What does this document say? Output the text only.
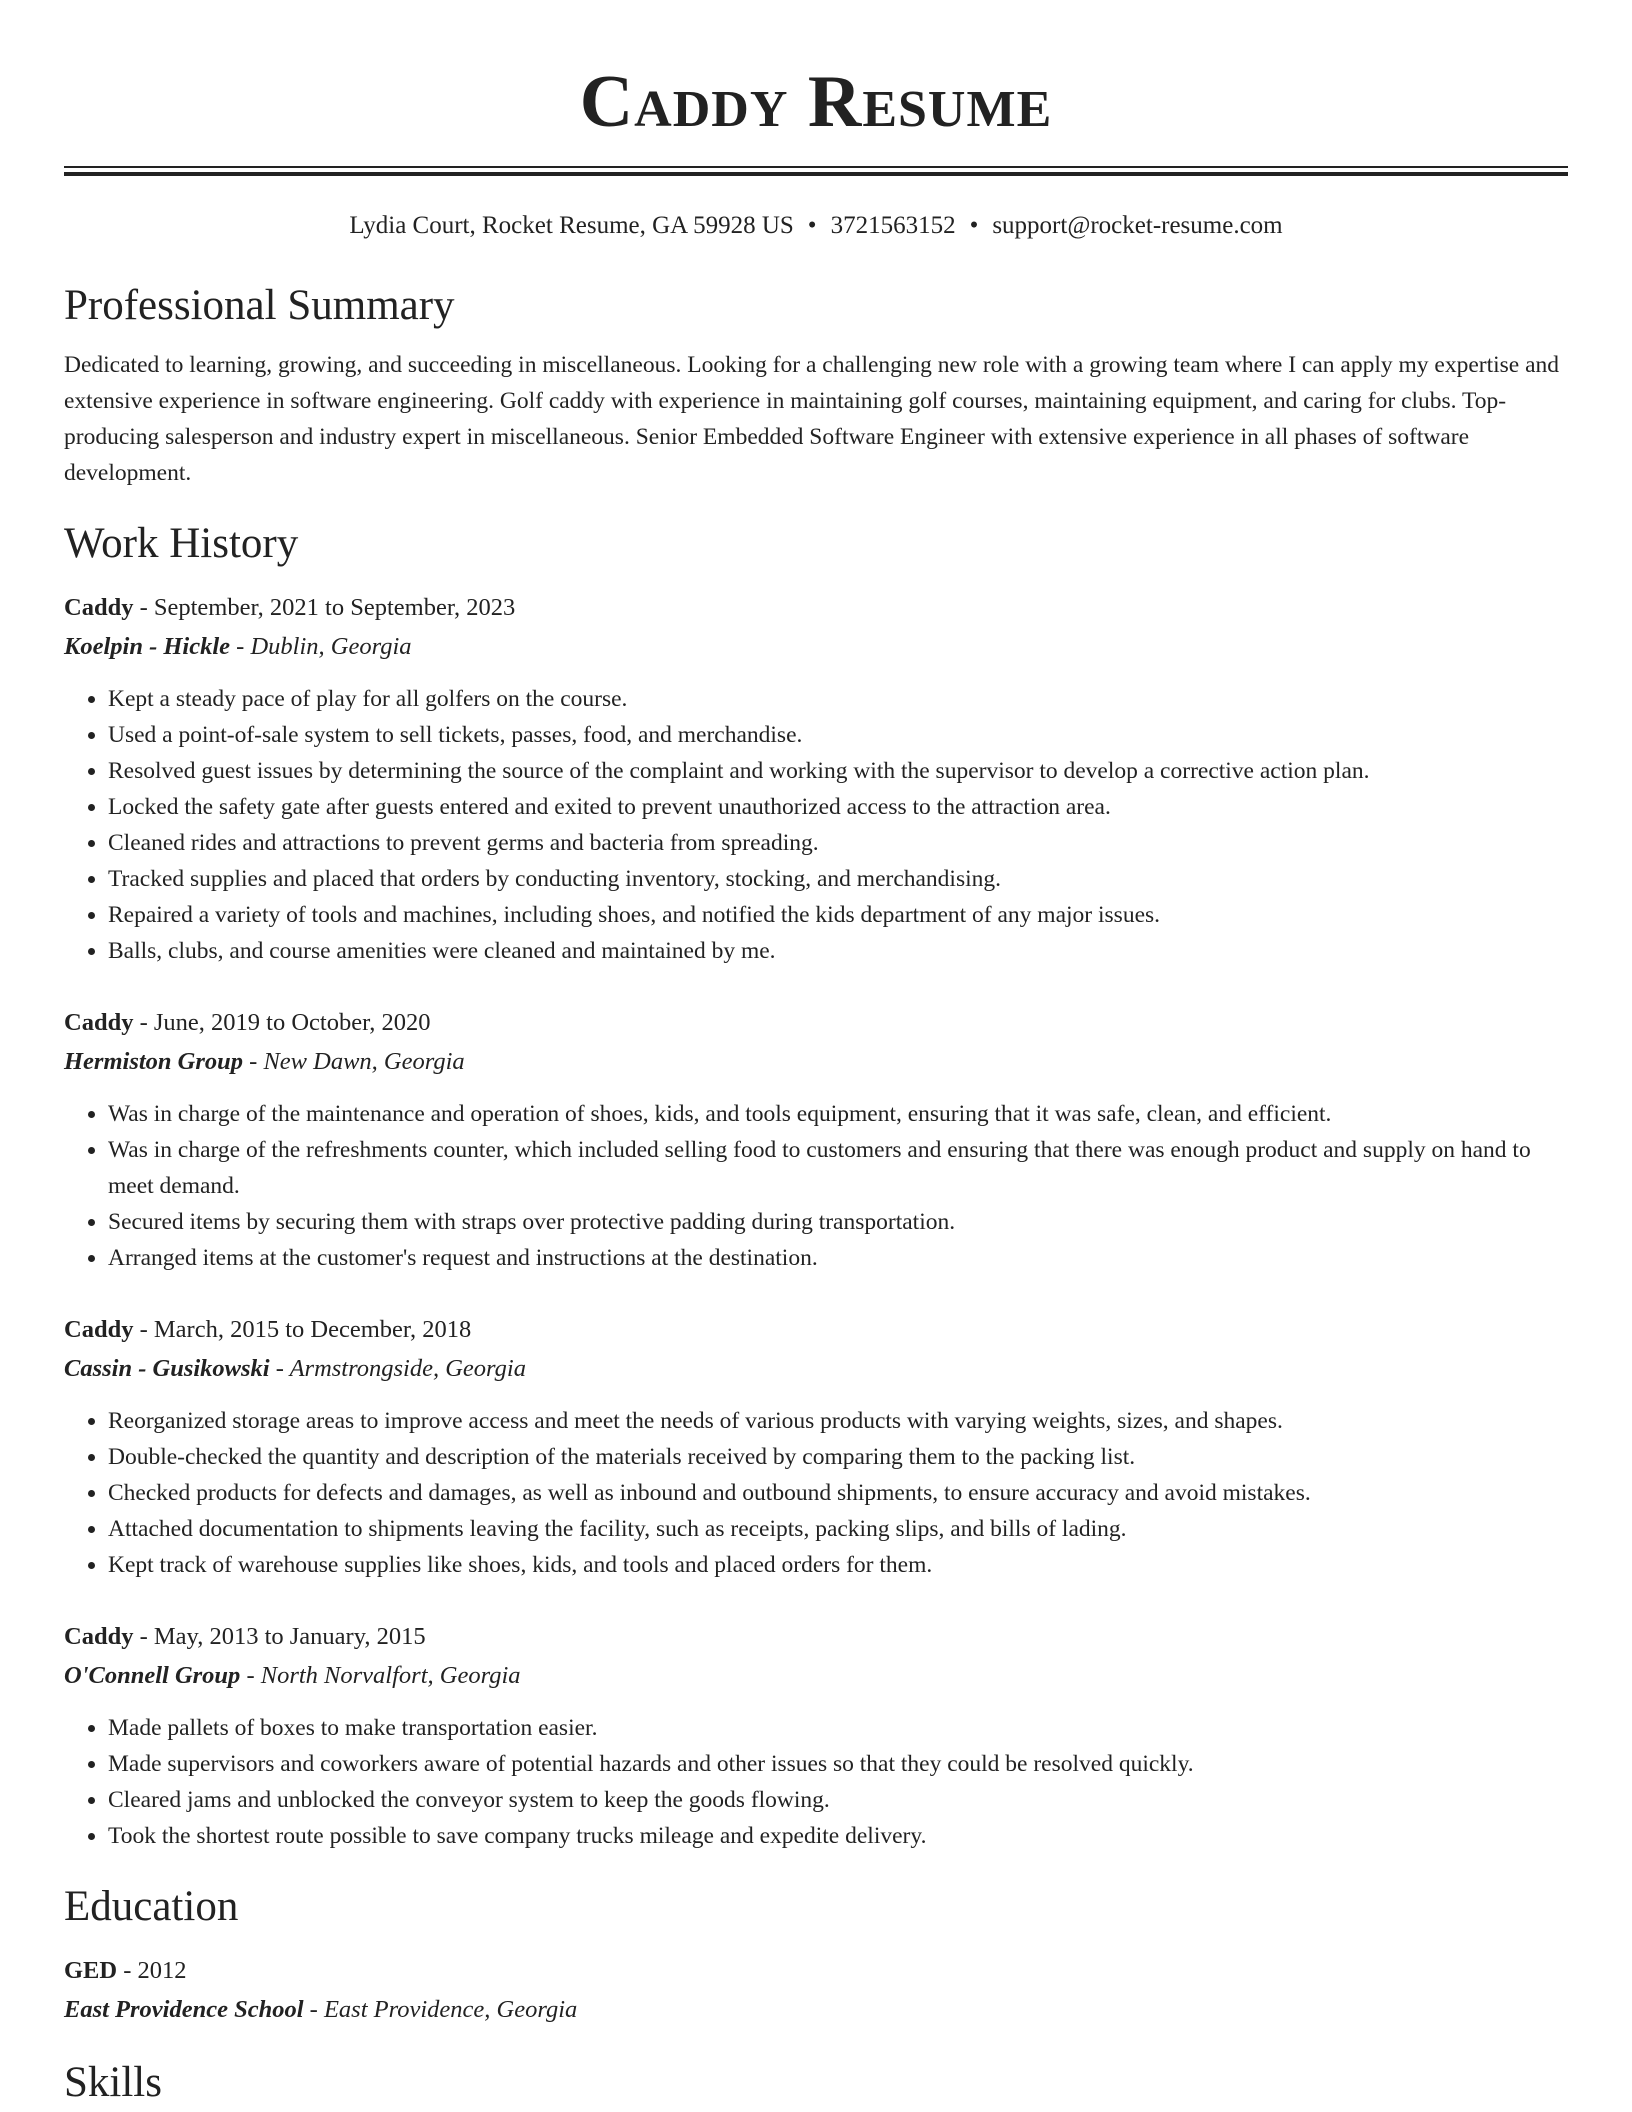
Caddy Resume
Lydia Court, Rocket Resume, GA 59928 US • 3721563152 • support@rocket-resume.com
Professional Summary

Dedicated to learning, growing, and succeeding in miscellaneous. Looking for a challenging new role with a growing team where I can apply my expertise and extensive experience in software engineering. Golf caddy with experience in maintaining golf courses, maintaining equipment, and caring for clubs. Top-producing salesperson and industry expert in miscellaneous. Senior Embedded Software Engineer with extensive experience in all phases of software development.

Work History
Caddy - September, 2021 to September, 2023
Koelpin - Hickle - Dublin, Georgia
• Kept a steady pace of play for all golfers on the course.
• Used a point-of-sale system to sell tickets, passes, food, and merchandise.
• Resolved guest issues by determining the source of the complaint and working with the supervisor to develop a corrective action plan.
• Locked the safety gate after guests entered and exited to prevent unauthorized access to the attraction area.
• Cleaned rides and attractions to prevent germs and bacteria from spreading.
• Tracked supplies and placed that orders by conducting inventory, stocking, and merchandising.
• Repaired a variety of tools and machines, including shoes, and notified the kids department of any major issues.
• Balls, clubs, and course amenities were cleaned and maintained by me.
Caddy - June, 2019 to October, 2020
Hermiston Group - New Dawn, Georgia
• Was in charge of the maintenance and operation of shoes, kids, and tools equipment, ensuring that it was safe, clean, and efficient.
• Was in charge of the refreshments counter, which included selling food to customers and ensuring that there was enough product and supply on hand to meet demand.
• Secured items by securing them with straps over protective padding during transportation.
• Arranged items at the customer's request and instructions at the destination.
Caddy - March, 2015 to December, 2018
Cassin - Gusikowski - Armstrongside, Georgia
• Reorganized storage areas to improve access and meet the needs of various products with varying weights, sizes, and shapes.
• Double-checked the quantity and description of the materials received by comparing them to the packing list.
• Checked products for defects and damages, as well as inbound and outbound shipments, to ensure accuracy and avoid mistakes.
• Attached documentation to shipments leaving the facility, such as receipts, packing slips, and bills of lading.
• Kept track of warehouse supplies like shoes, kids, and tools and placed orders for them.
Caddy - May, 2013 to January, 2015
O'Connell Group - North Norvalfort, Georgia
• Made pallets of boxes to make transportation easier.
• Made supervisors and coworkers aware of potential hazards and other issues so that they could be resolved quickly.
• Cleared jams and unblocked the conveyor system to keep the goods flowing.
• Took the shortest route possible to save company trucks mileage and expedite delivery.
Education
GED - 2012
East Providence School - East Providence, Georgia
Skills
